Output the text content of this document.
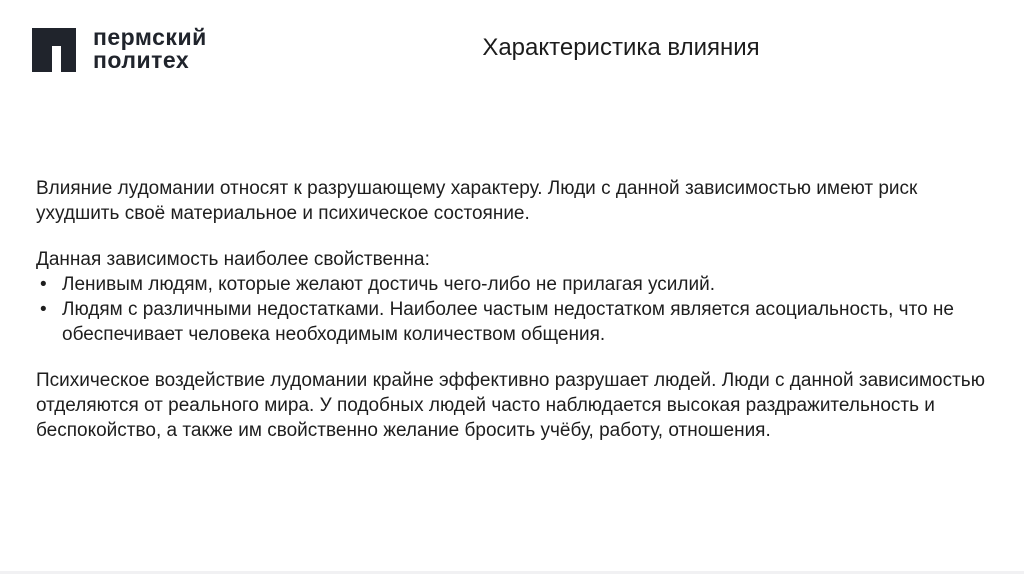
пермский
политех	Характеристика влияния

Влияние лудомании относят к разрушающему характеру. Люди с данной зависимостью имеют риск ухудшить своё материальное и психическое состояние.

Данная зависимость наиболее свойственна:

• Ленивым людям, которые желают достичь чего-либо не прилагая усилий.
• Людям с различными недостатками. Наиболее частым недостатком является асоциальность, что не обеспечивает человека необходимым количеством общения.

Психическое воздействие лудомании крайне эффективно разрушает людей. Люди с данной зависимостью отделяются от реального мира. У подобных людей часто наблюдается высокая раздражительность и беспокойство, а также им свойственно желание бросить учёбу, работу, отношения.
